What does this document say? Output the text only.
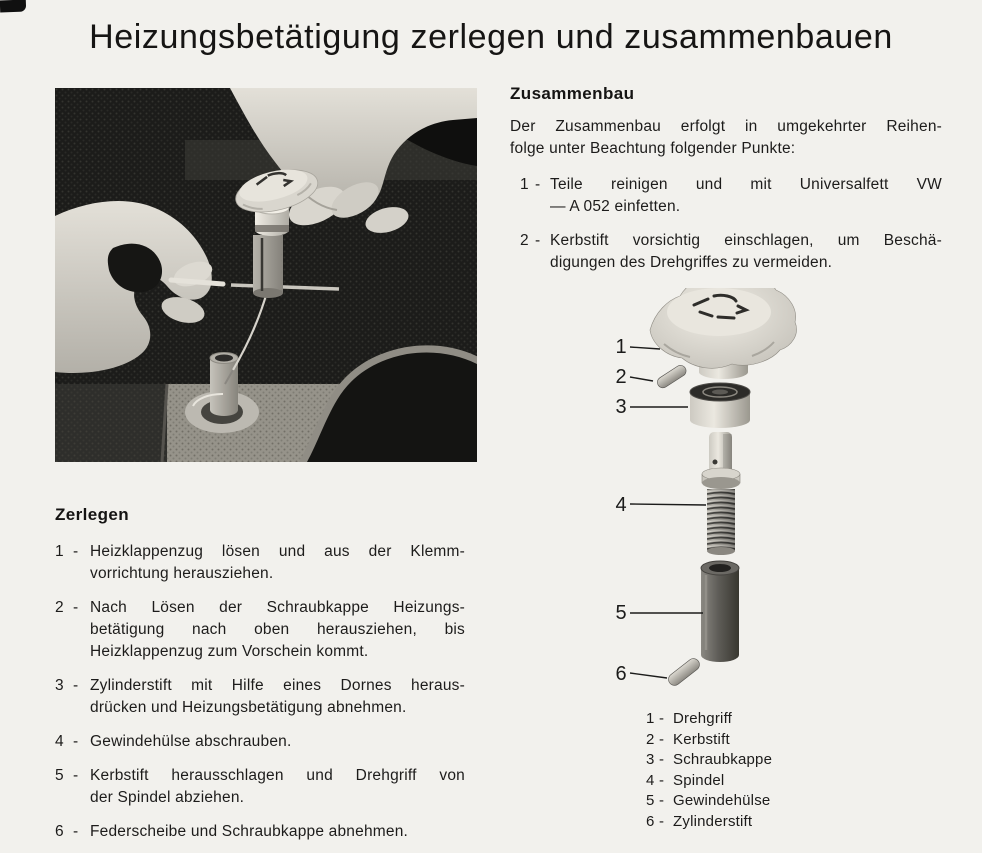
Heizungsbetätigung zerlegen und zusammenbauen
Zerlegen
1 - Heizklappenzug lösen und aus der Klemm-
vorrichtung herausziehen.
2 - Nach Lösen der Schraubkappe Heizungs-
betätigung nach oben herausziehen, bis
Heizklappenzug zum Vorschein kommt.
3 - Zylinderstift mit Hilfe eines Dornes heraus-
drücken und Heizungsbetätigung abnehmen.
4 - Gewindehülse abschrauben.
5 - Kerbstift herausschlagen und Drehgriff von
der Spindel abziehen.
6 - Federscheibe und Schraubkappe abnehmen.
Zusammenbau
Der Zusammenbau erfolgt in umgekehrter Reihen-
folge unter Beachtung folgender Punkte:
1 - Teile reinigen und mit Universalfett VW
— A 052 einfetten.
2 - Kerbstift vorsichtig einschlagen, um Beschä-
digungen des Drehgriffes zu vermeiden.
1
2
3
4
5
6
1 - Drehgriff
2 - Kerbstift
3 - Schraubkappe
4 - Spindel
5 - Gewindehülse
6 - Zylinderstift
